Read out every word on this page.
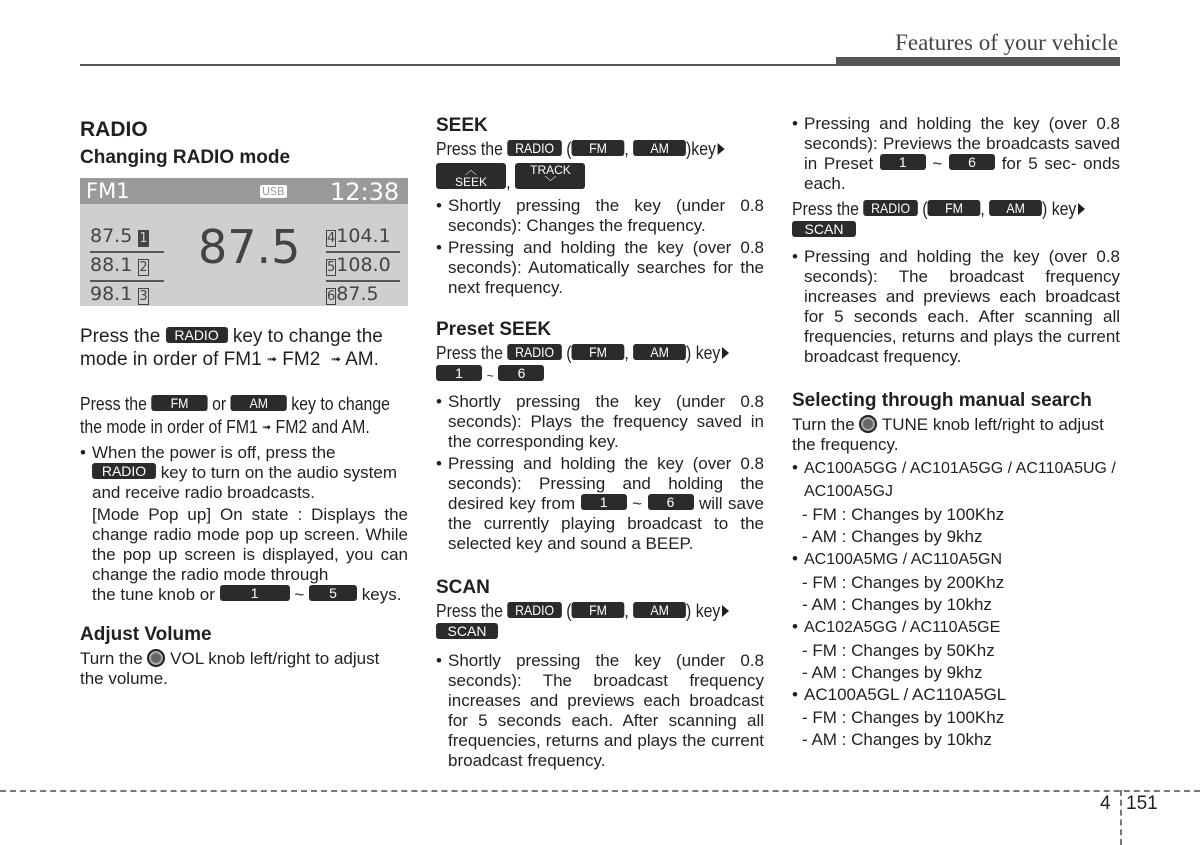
Features of your vehicle
RADIO
Changing RADIO mode
FM1	USB 12:38
87.5
87.5 1
88.1 2
98.1 3
4104.1
5108.0
687.5

Press the RADIO key to change the
mode in order of FM1 ➟ FM2 ➟ AM.

Press the FM or AM key to change
the mode in order of FM1 ➟ FM2 and AM.

• When the power is off, press the

RADIO key to turn on the audio system

and receive radio broadcasts.

[Mode Pop up] On state : Displays the change radio mode pop up screen. While the pop up screen is displayed, you can change the radio mode through

the tune knob or	1 ~ 5 keys.

Adjust Volume

Turn the VOL knob left/right to adjust

the volume.

SEEK

Press the RADIO ( FM , AM )key

︿
SEEK , TRACK
﹀

• Shortly pressing the key (under 0.8 seconds): Changes the frequency.
• Pressing and holding the key (over 0.8 seconds): Automatically searches for the next frequency.
Preset SEEK

Press the RADIO ( FM , AM ) key

1 ~ 6

• Shortly pressing the key (under 0.8 seconds): Plays the frequency saved in the corresponding key.
• Pressing and holding the key (over 0.8 seconds): Pressing and holding the desired key from 1 ~ 6 will save the currently playing broadcast to the selected key and sound a BEEP.
SCAN

Press the RADIO ( FM , AM ) key

SCAN

• Shortly pressing the key (under 0.8 seconds): The broadcast frequency increases and previews each broadcast for 5 seconds each. After scanning all frequencies, returns and plays the current broadcast frequency.
• Pressing and holding the key (over 0.8 seconds): Previews the broadcasts saved in Preset 1 ~ 6 for 5 sec- onds each.

Press the RADIO ( FM , AM ) key

SCAN

• Pressing and holding the key (over 0.8 seconds): The broadcast frequency increases and previews each broadcast for 5 seconds each. After scanning all frequencies, returns and plays the current broadcast frequency.
Selecting through manual search

Turn the TUNE knob left/right to adjust

the frequency.

• AC100A5GG / AC101A5GG / AC110A5UG / AC100A5GJ

- FM : Changes by 100Khz

- AM : Changes by 9khz

• AC100A5MG / AC110A5GN

- FM : Changes by 200Khz

- AM : Changes by 10khz

• AC102A5GG / AC110A5GE

- FM : Changes by 50Khz

- AM : Changes by 9khz

• AC100A5GL / AC110A5GL

- FM : Changes by 100Khz

- AM : Changes by 10khz

4 151
